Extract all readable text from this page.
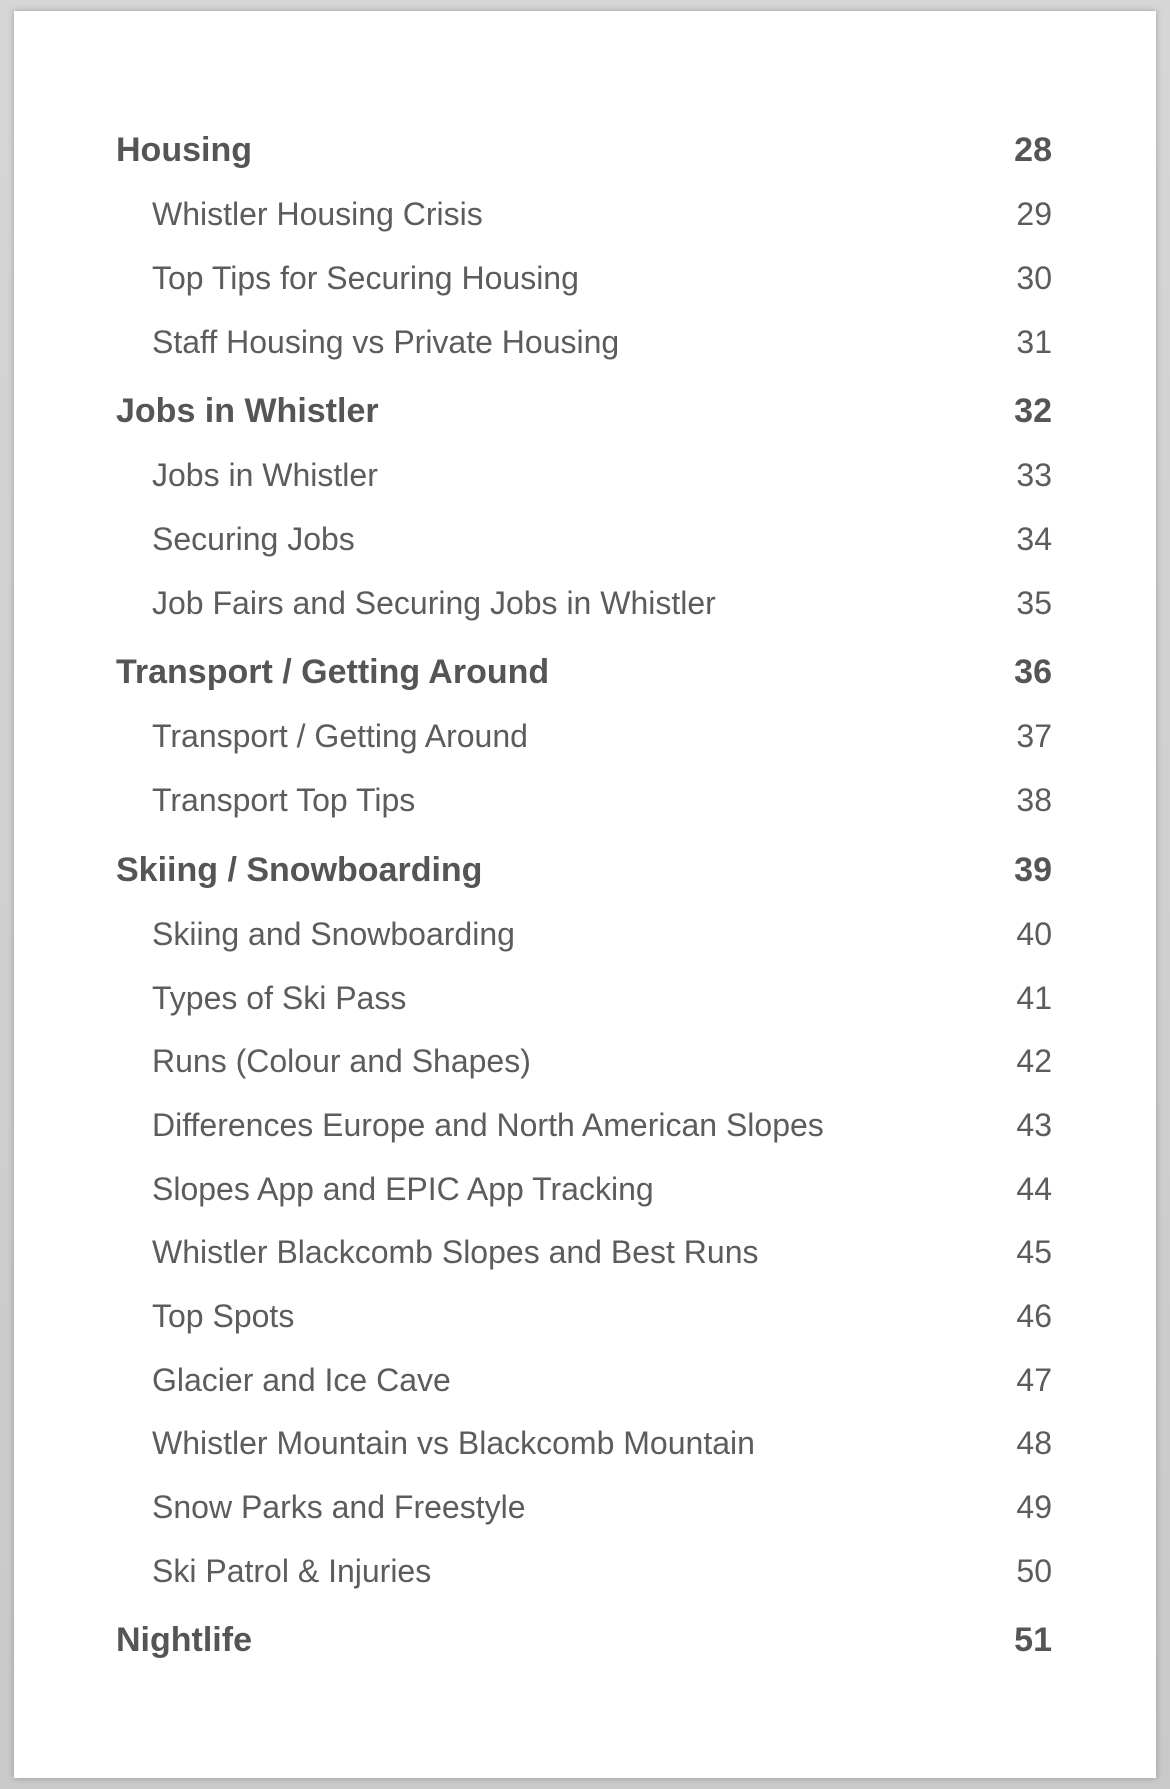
Housing	28
Whistler Housing Crisis	29
Top Tips for Securing Housing	30
Staff Housing vs Private Housing	31
Jobs in Whistler	32
Jobs in Whistler	33
Securing Jobs	34
Job Fairs and Securing Jobs in Whistler	35
Transport / Getting Around	36
Transport / Getting Around	37
Transport Top Tips	38
Skiing / Snowboarding	39
Skiing and Snowboarding	40
Types of Ski Pass	41
Runs (Colour and Shapes)	42
Differences Europe and North American Slopes	43
Slopes App and EPIC App Tracking	44
Whistler Blackcomb Slopes and Best Runs	45
Top Spots	46
Glacier and Ice Cave	47
Whistler Mountain vs Blackcomb Mountain	48
Snow Parks and Freestyle	49
Ski Patrol & Injuries	50
Nightlife	51
